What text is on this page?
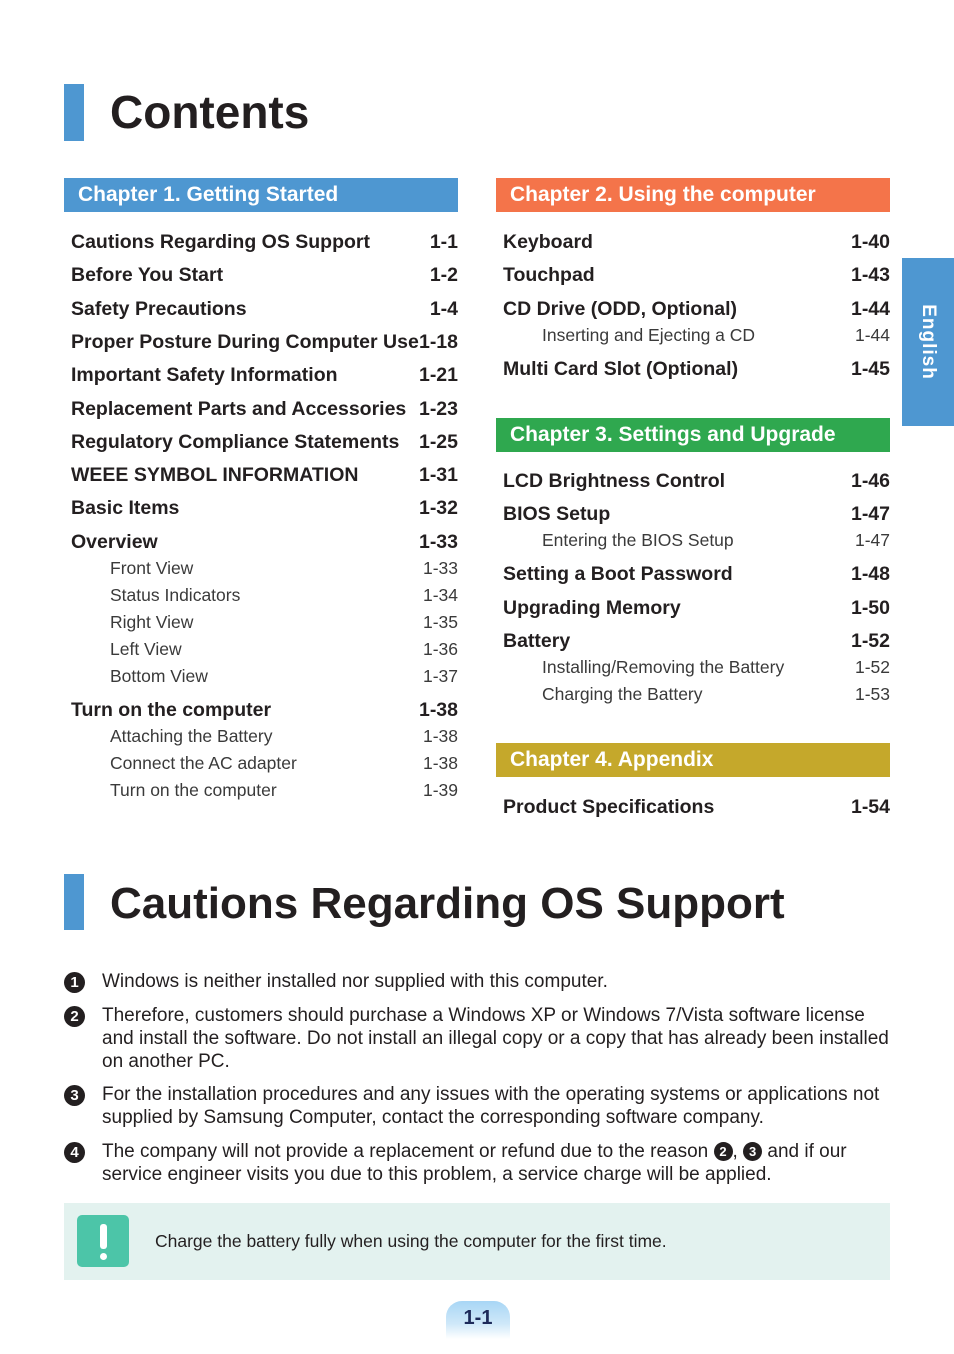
Contents
Chapter 1. Getting Started
Cautions Regarding OS Support	1-1
Before You Start	1-2
Safety Precautions	1-4
Proper Posture During Computer Use 1-18
Important Safety Information	1-21
Replacement Parts and Accessories 1-23
Regulatory Compliance Statements 1-25
WEEE SYMBOL INFORMATION	1-31
Basic Items	1-32
Overview	1-33
Front View	1-33
Status Indicators	1-34
Right View	1-35
Left View	1-36
Bottom View	1-37
Turn on the computer	1-38
Attaching the Battery	1-38
Connect the AC adapter	1-38
Turn on the computer	1-39
Chapter 2. Using the computer
Keyboard	1-40
Touchpad	1-43
CD Drive (ODD, Optional)	1-44
Inserting and Ejecting a CD	1-44
Multi Card Slot (Optional)	1-45
Chapter 3. Settings and Upgrade
LCD Brightness Control	1-46
BIOS Setup	1-47
Entering the BIOS Setup	1-47
Setting a Boot Password	1-48
Upgrading Memory	1-50
Battery	1-52
Installing/Removing the Battery	1-52
Charging the Battery	1-53
Chapter 4. Appendix
Product Specifications	1-54
English
Cautions Regarding OS Support
1	Windows is neither installed nor supplied with this computer.
2	Therefore, customers should purchase a Windows XP or Windows 7/Vista software license and install the software. Do not install an illegal copy or a copy that has already been installed on another PC.
3	For the installation procedures and any issues with the operating systems or applications not supplied by Samsung Computer, contact the corresponding software company.
4	The company will not provide a replacement or refund due to the reason 2 , 3 and if our service engineer visits you due to this problem, a service charge will be applied.
Charge the battery fully when using the computer for the first time.
1-1
